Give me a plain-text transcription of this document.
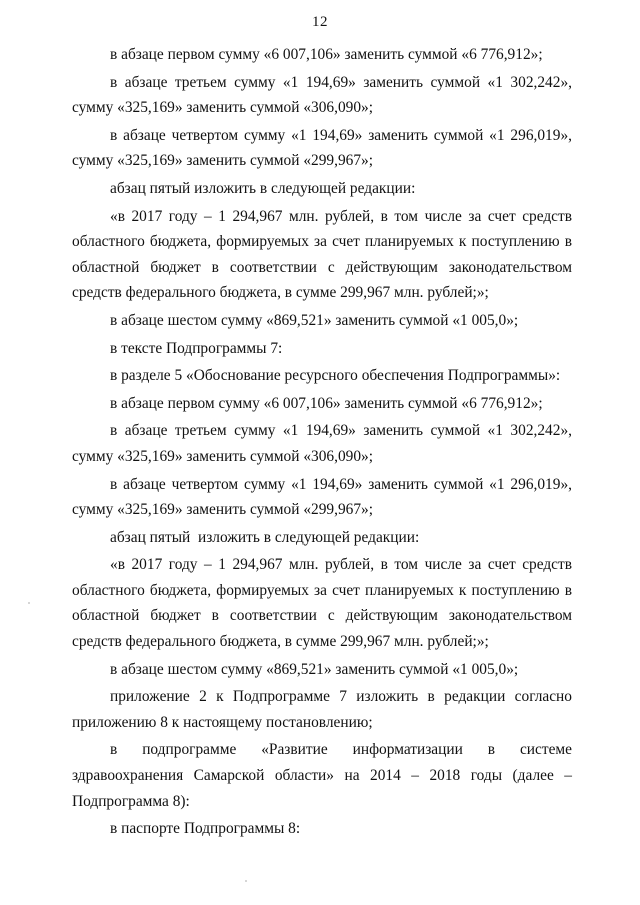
12

в абзаце первом сумму «6 007,106» заменить суммой «6 776,912»;

в абзаце третьем сумму «1 194,69» заменить суммой «1 302,242», сумму «325,169» заменить суммой «306,090»;

в абзаце четвертом сумму «1 194,69» заменить суммой «1 296,019», сумму «325,169» заменить суммой «299,967»;

абзац пятый изложить в следующей редакции:

«в 2017 году – 1 294,967 млн. рублей, в том числе за счет средств областного бюджета, формируемых за счет планируемых к поступлению в областной бюджет в соответствии с действующим законодательством средств федерального бюджета, в сумме 299,967 млн. рублей;»;

в абзаце шестом сумму «869,521» заменить суммой «1 005,0»;

в тексте Подпрограммы 7:

в разделе 5 «Обоснование ресурсного обеспечения Подпрограммы»:

в абзаце первом сумму «6 007,106» заменить суммой «6 776,912»;

в абзаце третьем сумму «1 194,69» заменить суммой «1 302,242», сумму «325,169» заменить суммой «306,090»;

в абзаце четвертом сумму «1 194,69» заменить суммой «1 296,019», сумму «325,169» заменить суммой «299,967»;

абзац пятый  изложить в следующей редакции:

«в 2017 году – 1 294,967 млн. рублей, в том числе за счет средств областного бюджета, формируемых за счет планируемых к поступлению в областной бюджет в соответствии с действующим законодательством средств федерального бюджета, в сумме 299,967 млн. рублей;»;

в абзаце шестом сумму «869,521» заменить суммой «1 005,0»;

приложение 2 к Подпрограмме 7 изложить в редакции согласно приложению 8 к настоящему постановлению;

в подпрограмме «Развитие информатизации в системе здравоохранения Самарской области» на 2014 – 2018 годы (далее – Подпрограмма 8):

в паспорте Подпрограммы 8:
